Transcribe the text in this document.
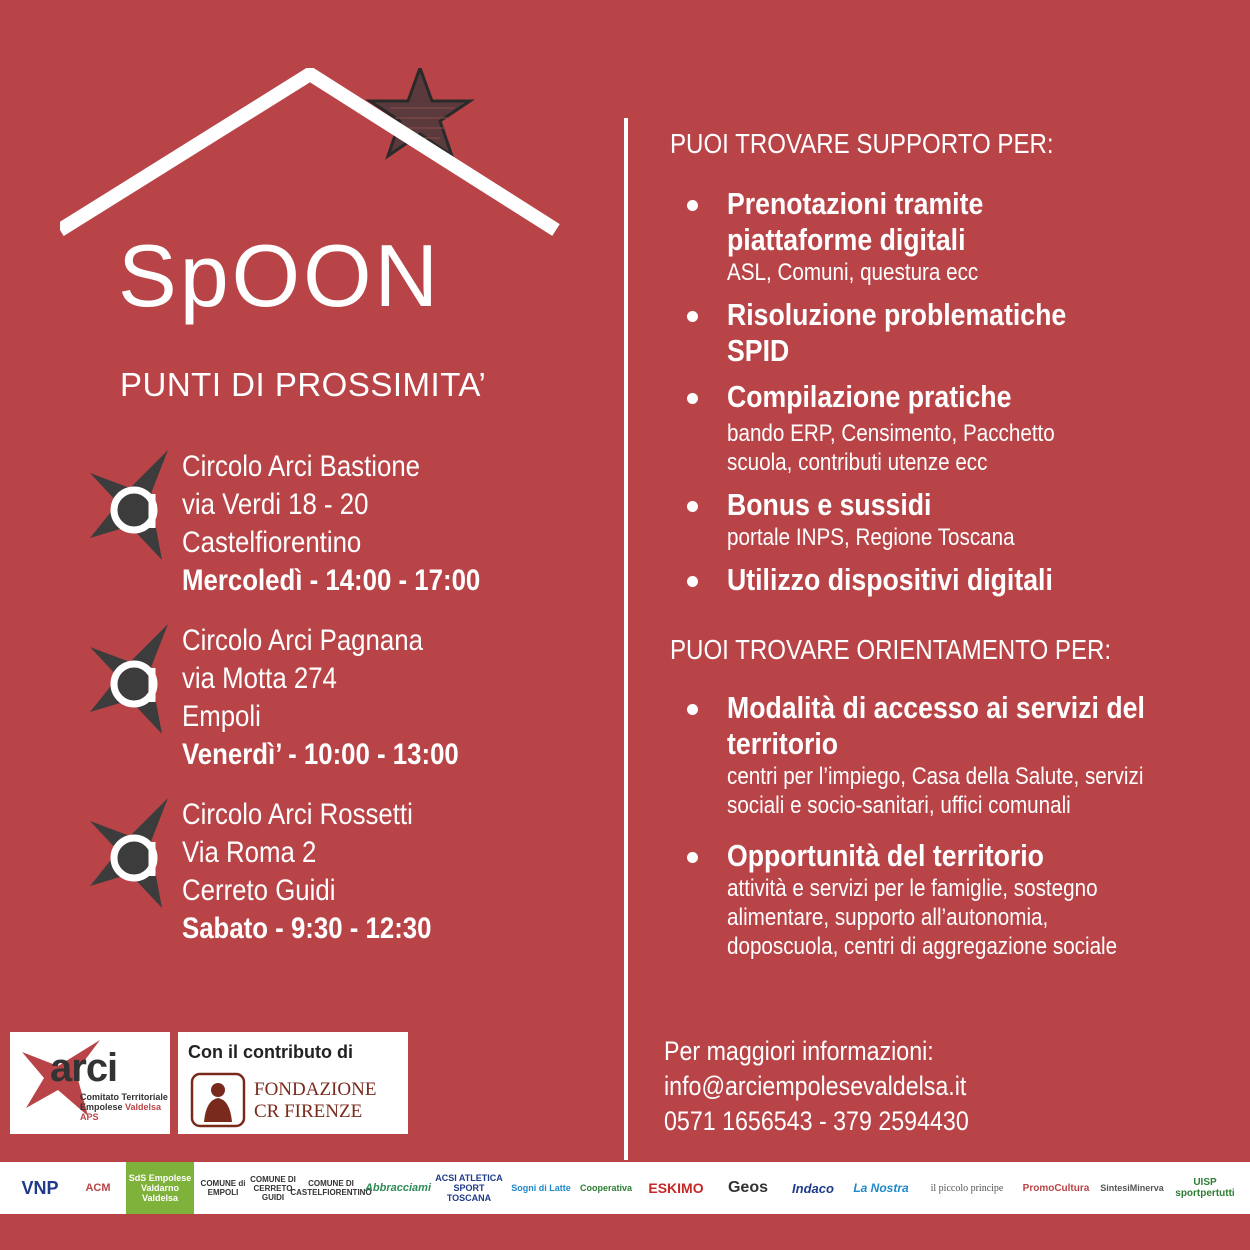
SpOON
PUNTI DI PROSSIMITA’
Circolo Arci Bastione
via Verdi 18 - 20
Castelfiorentino
Mercoledì - 14:00 - 17:00
Circolo Arci Pagnana
via Motta 274
Empoli
Venerdì’ - 10:00 - 13:00
Circolo Arci Rossetti
Via Roma 2
Cerreto Guidi
Sabato - 9:30 - 12:30
PUOI TROVARE SUPPORTO PER:
Prenotazioni tramite
piattaforme digitali
ASL, Comuni, questura ecc
Risoluzione problematiche
SPID
Compilazione pratiche
bando ERP, Censimento, Pacchetto
scuola, contributi utenze ecc
Bonus e sussidi
portale INPS, Regione Toscana
Utilizzo dispositivi digitali
PUOI TROVARE ORIENTAMENTO PER:
Modalità di accesso ai servizi del
territorio
centri per l’impiego, Casa della Salute, servizi
sociali e socio-sanitari, uffici comunali
Opportunità del territorio
attività e servizi per le famiglie, sostegno
alimentare, supporto all’autonomia,
doposcuola, centri di aggregazione sociale
Per maggiori informazioni:
info@arciempolesevaldelsa.it
0571 1656543 - 379 2594430
arci
Comitato Territoriale
Empolese Valdelsa
APS
Con il contributo di
FONDAZIONE
CR FIRENZE
VNP	ACM
SdS Empolese Valdarno Valdelsa
COMUNE di EMPOLI
COMUNE DI CERRETO GUIDI
COMUNE DI CASTELFIORENTINO
Abbracciami
ACSI ATLETICA SPORT TOSCANA
Sogni di Latte Cooperativa	ESKIMO	Geos	Indaco	La Nostra	il piccolo principe	PromoCultura	SintesiMinerva	UISP sportpertutti
